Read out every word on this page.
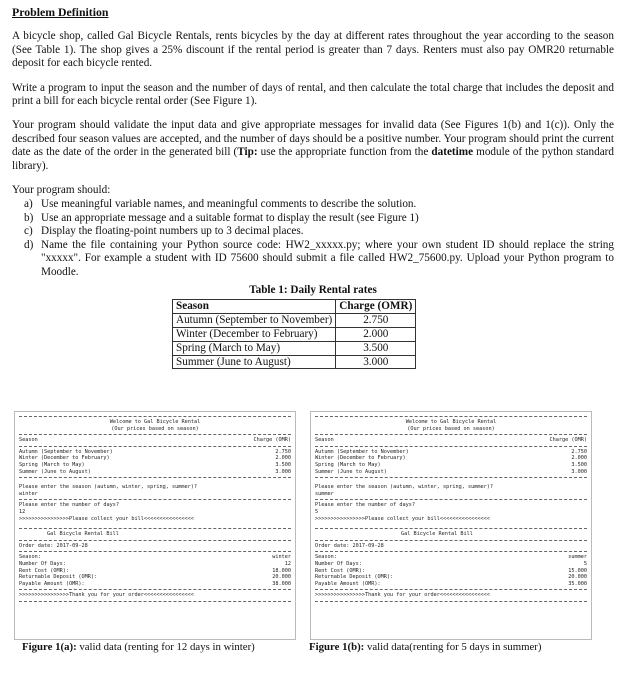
Problem Definition

A bicycle shop, called Gal Bicycle Rentals, rents bicycles by the day at different rates throughout the year according to the season (See Table 1). The shop gives a 25% discount if the rental period is greater than 7 days. Renters must also pay OMR20 returnable deposit for each bicycle rented.

Write a program to input the season and the number of days of rental, and then calculate the total charge that includes the deposit and print a bill for each bicycle rental order (See Figure 1).

Your program should validate the input data and give appropriate messages for invalid data (See Figures 1(b) and 1(c)). Only the described four season values are accepted, and the number of days should be a positive number. Your program should print the current date as the date of the order in the generated bill (Tip: use the appropriate function from the datetime module of the python standard library).

Your program should:
a) Use meaningful variable names, and meaningful comments to describe the solution.
b) Use an appropriate message and a suitable format to display the result (see Figure 1)
c) Display the floating-point numbers up to 3 decimal places.
d) Name the file containing your Python source code: HW2_xxxxx.py; where your own student ID should replace the string "xxxxx". For example a student with ID 75600 should submit a file called HW2_75600.py. Upload your Python program to Moodle.
Table 1: Daily Rental rates
Season	Charge (OMR)
Autumn (September to November)	2.750
Winter (December to February)	2.000
Spring (March to May)	3.500
Summer (June to August)	3.000
Welcome to Gal Bicycle Rental
(Our prices based on season)
Season	Charge (OMR)
Autumn (September to November)	2.750
Winter (December to February)	2.000
Spring (March to May)	3.500
Summer (June to August)	3.000
Please enter the season (autumn, winter, spring, summer)?
winter
Please enter the number of days?
12
>>>>>>>>>>>>>>>>Please collect your bill<<<<<<<<<<<<<<<<
Gal Bicycle Rental Bill
Order date: 2017-09-28
Season:	winter
Number Of Days:	12
Rent Cost (OMR):	18.000
Returnable Deposit (OMR):	20.000
Payable Amount (OMR):	38.000
>>>>>>>>>>>>>>>>Thank you for your order<<<<<<<<<<<<<<<<
Welcome to Gal Bicycle Rental
(Our prices based on season)
Season	Charge (OMR)
Autumn (September to November)	2.750
Winter (December to February)	2.000
Spring (March to May)	3.500
Summer (June to August)	3.000
Please enter the season (autumn, winter, spring, summer)?
summer
Please enter the number of days?
5
>>>>>>>>>>>>>>>>Please collect your bill<<<<<<<<<<<<<<<<
Gal Bicycle Rental Bill
Order date: 2017-09-28
Season:	summer
Number Of Days:	5
Rent Cost (OMR):	15.000
Returnable Deposit (OMR):	20.000
Payable Amount (OMR):	35.000
>>>>>>>>>>>>>>>>Thank you for your order<<<<<<<<<<<<<<<<
Figure 1(a): valid data (renting for 12 days in winter)	Figure 1(b): valid data(renting for 5 days in summer)
